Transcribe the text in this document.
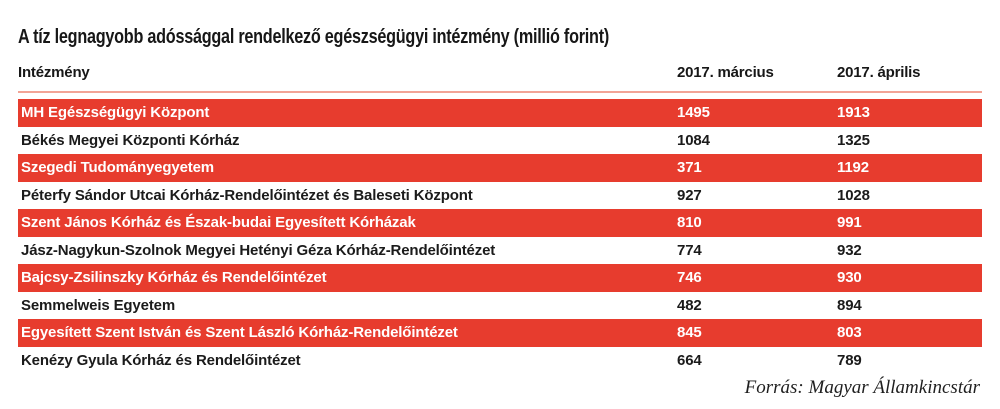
A tíz legnagyobb adóssággal rendelkező egészségügyi intézmény (millió forint)
Intézmény	2017. március	2017. április
MH Egészségügyi Központ	1495	1913
Békés Megyei Központi Kórház	1084	1325
Szegedi Tudományegyetem	371	1192
Péterfy Sándor Utcai Kórház-Rendelőintézet és Baleseti Központ	927	1028
Szent János Kórház és Észak-budai Egyesített Kórházak	810	991
Jász-Nagykun-Szolnok Megyei Hetényi Géza Kórház-Rendelőintézet	774	932
Bajcsy-Zsilinszky Kórház és Rendelőintézet	746	930
Semmelweis Egyetem	482	894
Egyesített Szent István és Szent László Kórház-Rendelőintézet	845	803
Kenézy Gyula Kórház és Rendelőintézet	664	789
Forrás: Magyar Államkincstár
